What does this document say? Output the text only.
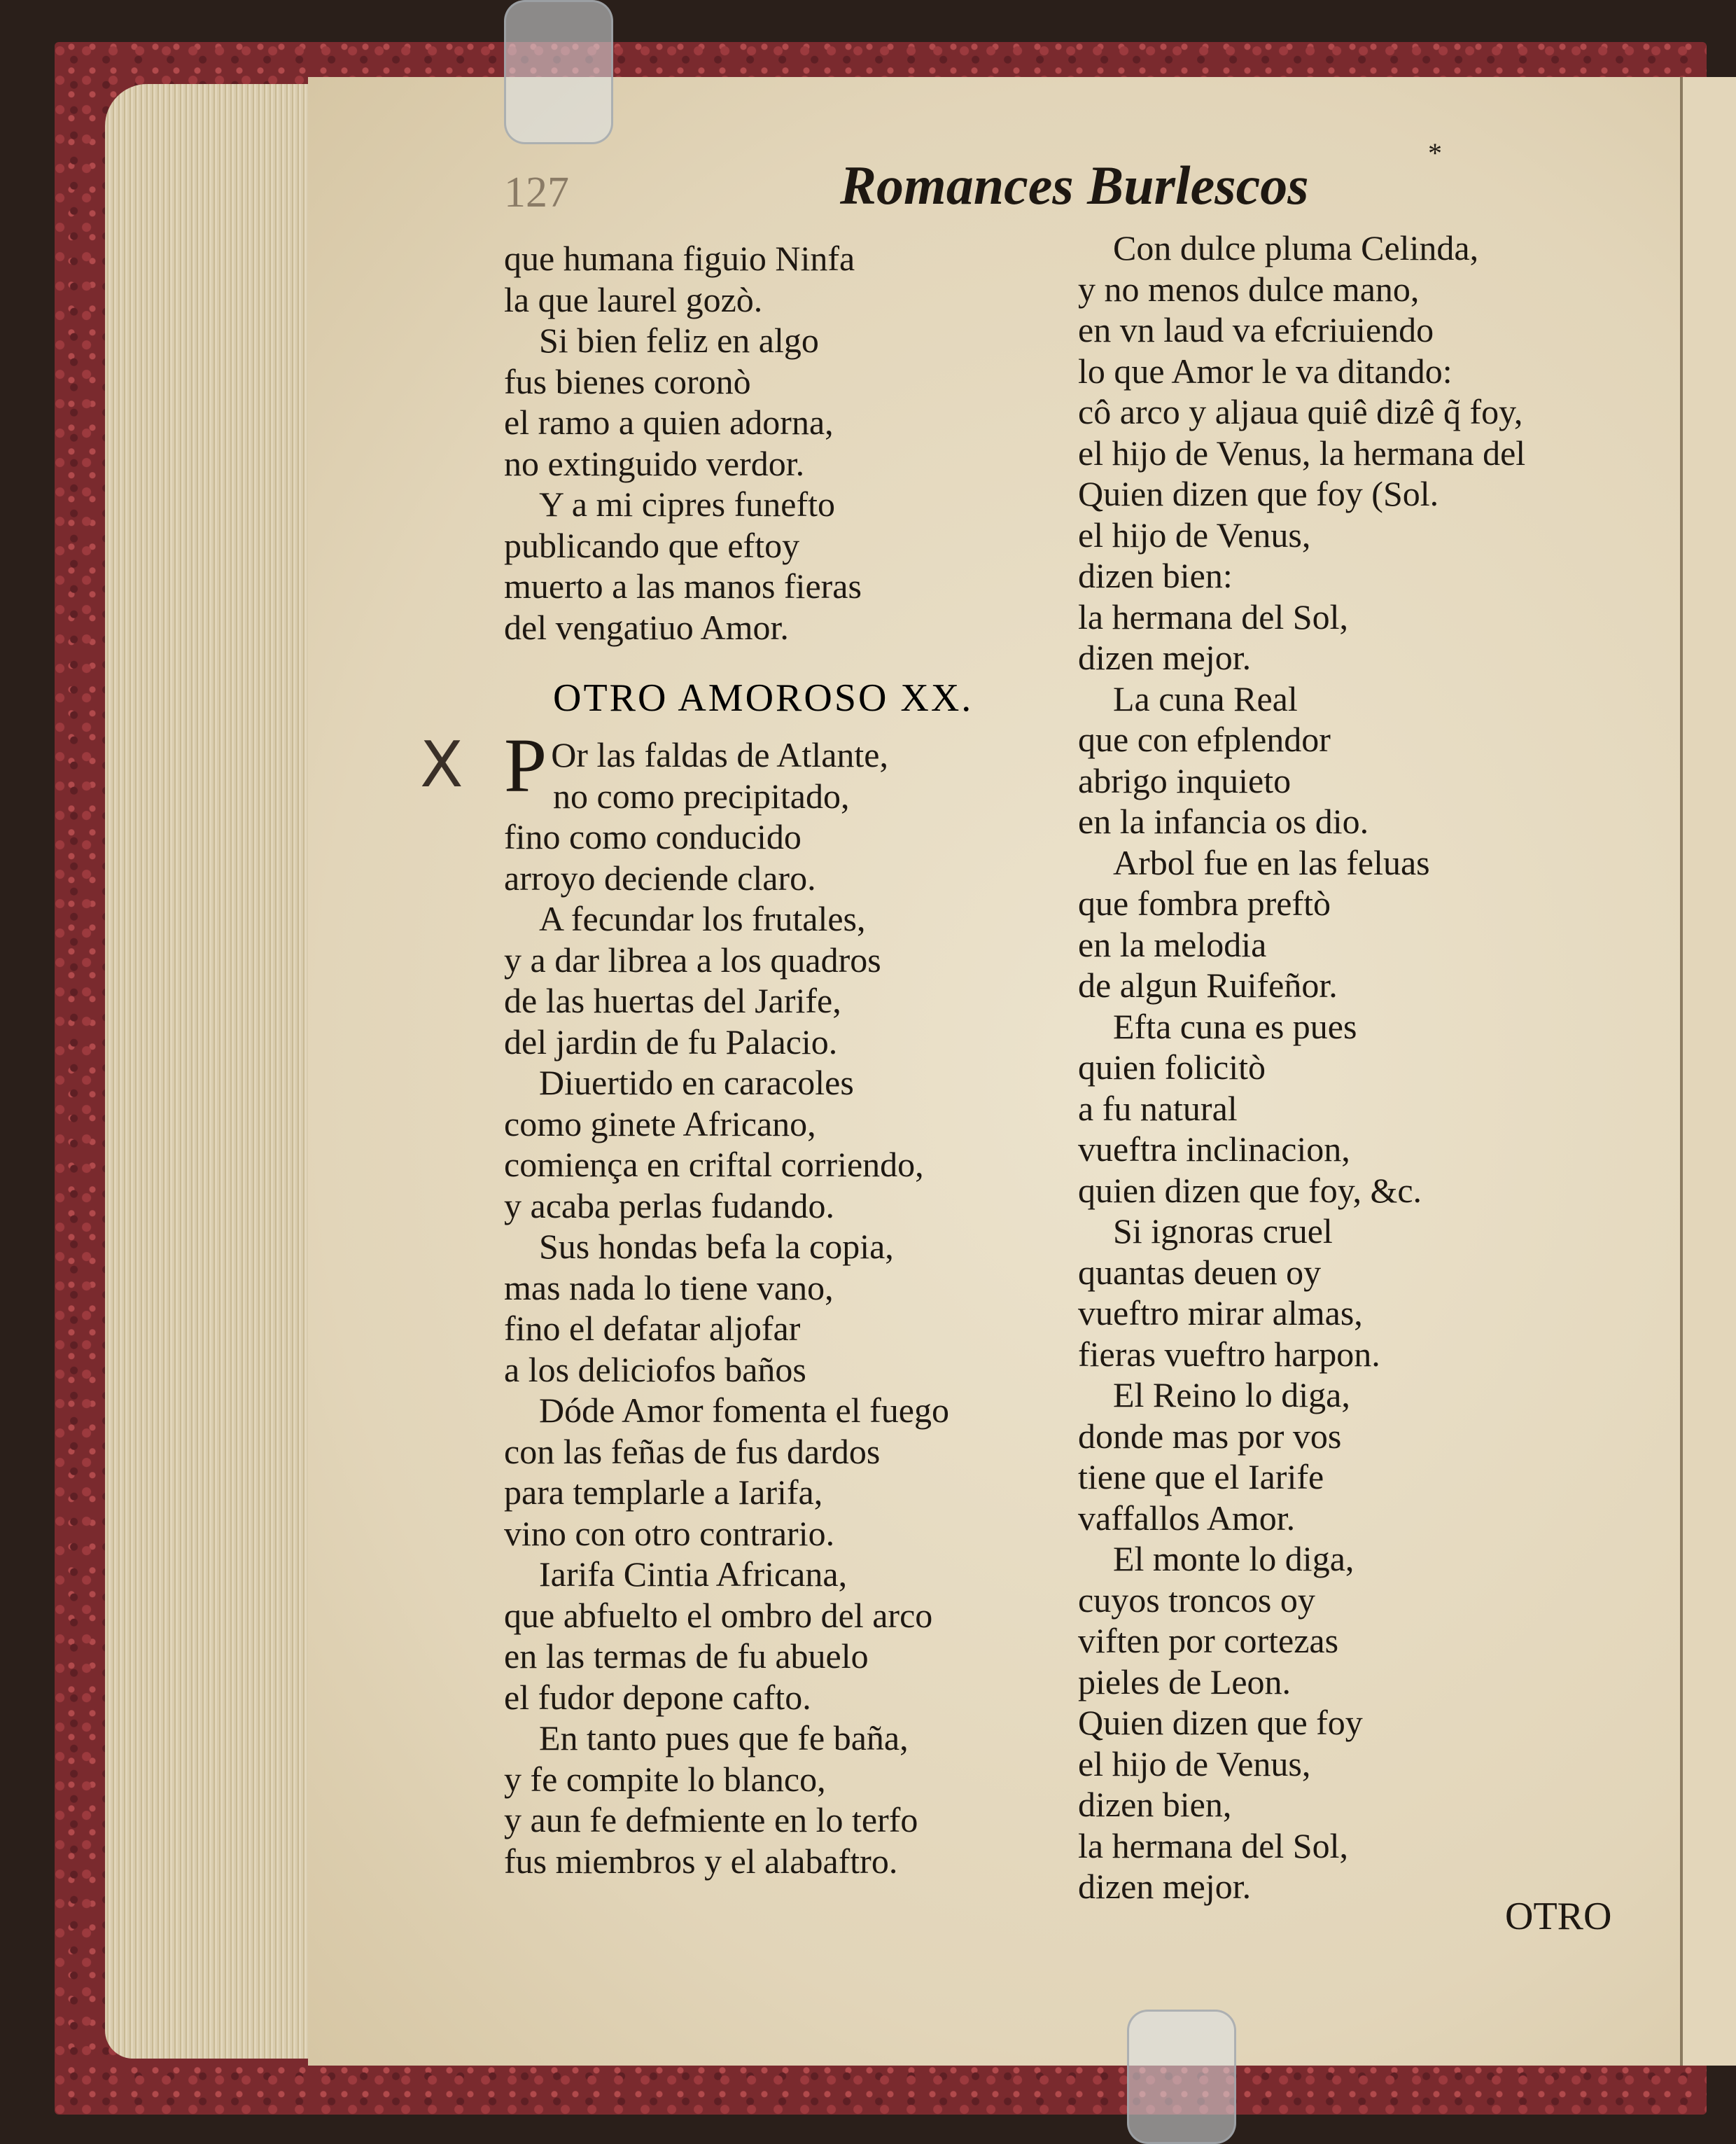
127	Romances Burlescos
*
X
que humana figuio Ninfa
la que laurel gozò.
Si bien feliz en algo
fus bienes coronò
el ramo a quien adorna,
no extinguido verdor.
Y a mi cipres funefto
publicando que eftoy
muerto a las manos fieras
del vengatiuo Amor.
OTRO AMOROSO XX.
P Or las faldas de Atlante,
no como precipitado,
fino como conducido
arroyo deciende claro.
A fecundar los frutales,
y a dar librea a los quadros
de las huertas del Jarife,
del jardin de fu Palacio.
Diuertido en caracoles
como ginete Africano,
comiença en criftal corriendo,
y acaba perlas fudando.
Sus hondas befa la copia,
mas nada lo tiene vano,
fino el defatar aljofar
a los deliciofos baños
Dóde Amor fomenta el fuego
con las feñas de fus dardos
para templarle a Iarifa,
vino con otro contrario.
Iarifa Cintia Africana,
que abfuelto el ombro del arco
en las termas de fu abuelo
el fudor depone cafto.
En tanto pues que fe baña,
y fe compite lo blanco,
y aun fe defmiente en lo terfo
fus miembros y el alabaftro.
Con dulce pluma Celinda,
y no menos dulce mano,
en vn laud va efcriuiendo
lo que Amor le va ditando:
cô arco y aljaua quiê dizê q̃ foy,
el hijo de Venus, la hermana del
Quien dizen que foy (Sol.
el hijo de Venus,
dizen bien:
la hermana del Sol,
dizen mejor.
La cuna Real
que con efplendor
abrigo inquieto
en la infancia os dio.
Arbol fue en las feluas
que fombra preftò
en la melodia
de algun Ruifeñor.
Efta cuna es pues
quien folicitò
a fu natural
vueftra inclinacion,
quien dizen que foy, &c.
Si ignoras cruel
quantas deuen oy
vueftro mirar almas,
fieras vueftro harpon.
El Reino lo diga,
donde mas por vos
tiene que el Iarife
vaffallos Amor.
El monte lo diga,
cuyos troncos oy
viften por cortezas
pieles de Leon.
Quien dizen que foy
el hijo de Venus,
dizen bien,
la hermana del Sol,
dizen mejor.
OTRO
